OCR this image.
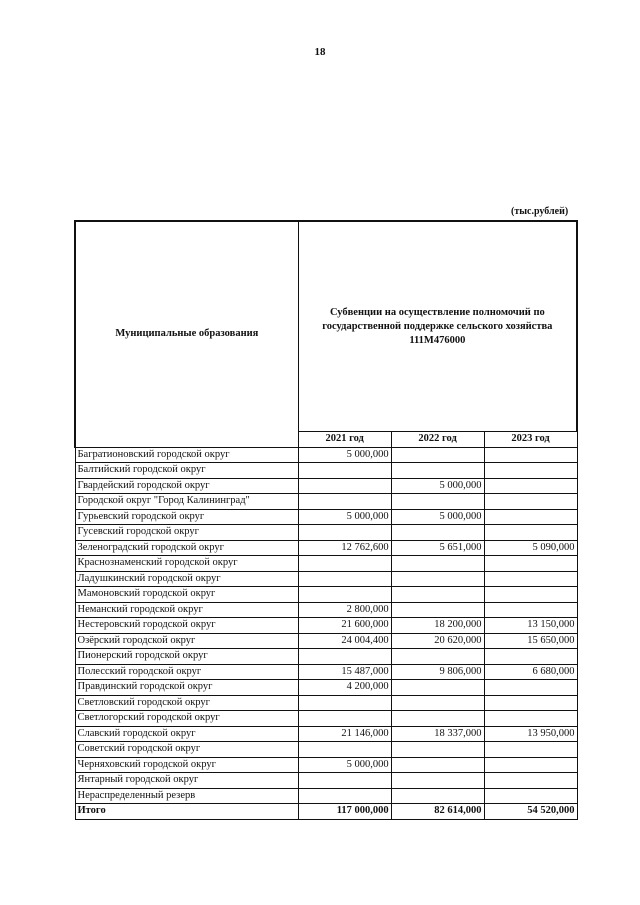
18
(тыс.рублей)
Муниципальные образования	Субвенции на осуществление полномочий по государственной поддержке сельского хозяйства 111М476000		
	2021 год	2022 год	2023 год
Багратионовский городской округ	5 000,000		
Балтийский городской округ			
Гвардейский городской округ		5 000,000	
Городской округ "Город Калининград"			
Гурьевский городской округ	5 000,000	5 000,000	
Гусевский городской округ			
Зеленоградский городской округ	12 762,600	5 651,000	5 090,000
Краснознаменский городской округ			
Ладушкинский городской округ			
Мамоновский городской округ			
Неманский городской округ	2 800,000		
Нестеровский городской округ	21 600,000	18 200,000	13 150,000
Озёрский городской округ	24 004,400	20 620,000	15 650,000
Пионерский городской округ			
Полесский городской округ	15 487,000	9 806,000	6 680,000
Правдинский городской округ	4 200,000		
Светловский городской округ			
Светлогорский городской округ			
Славский городской округ	21 146,000	18 337,000	13 950,000
Советский городской округ			
Черняховский городской округ	5 000,000		
Янтарный городской округ			
Нераспределенный резерв			
Итого	117 000,000	82 614,000	54 520,000
